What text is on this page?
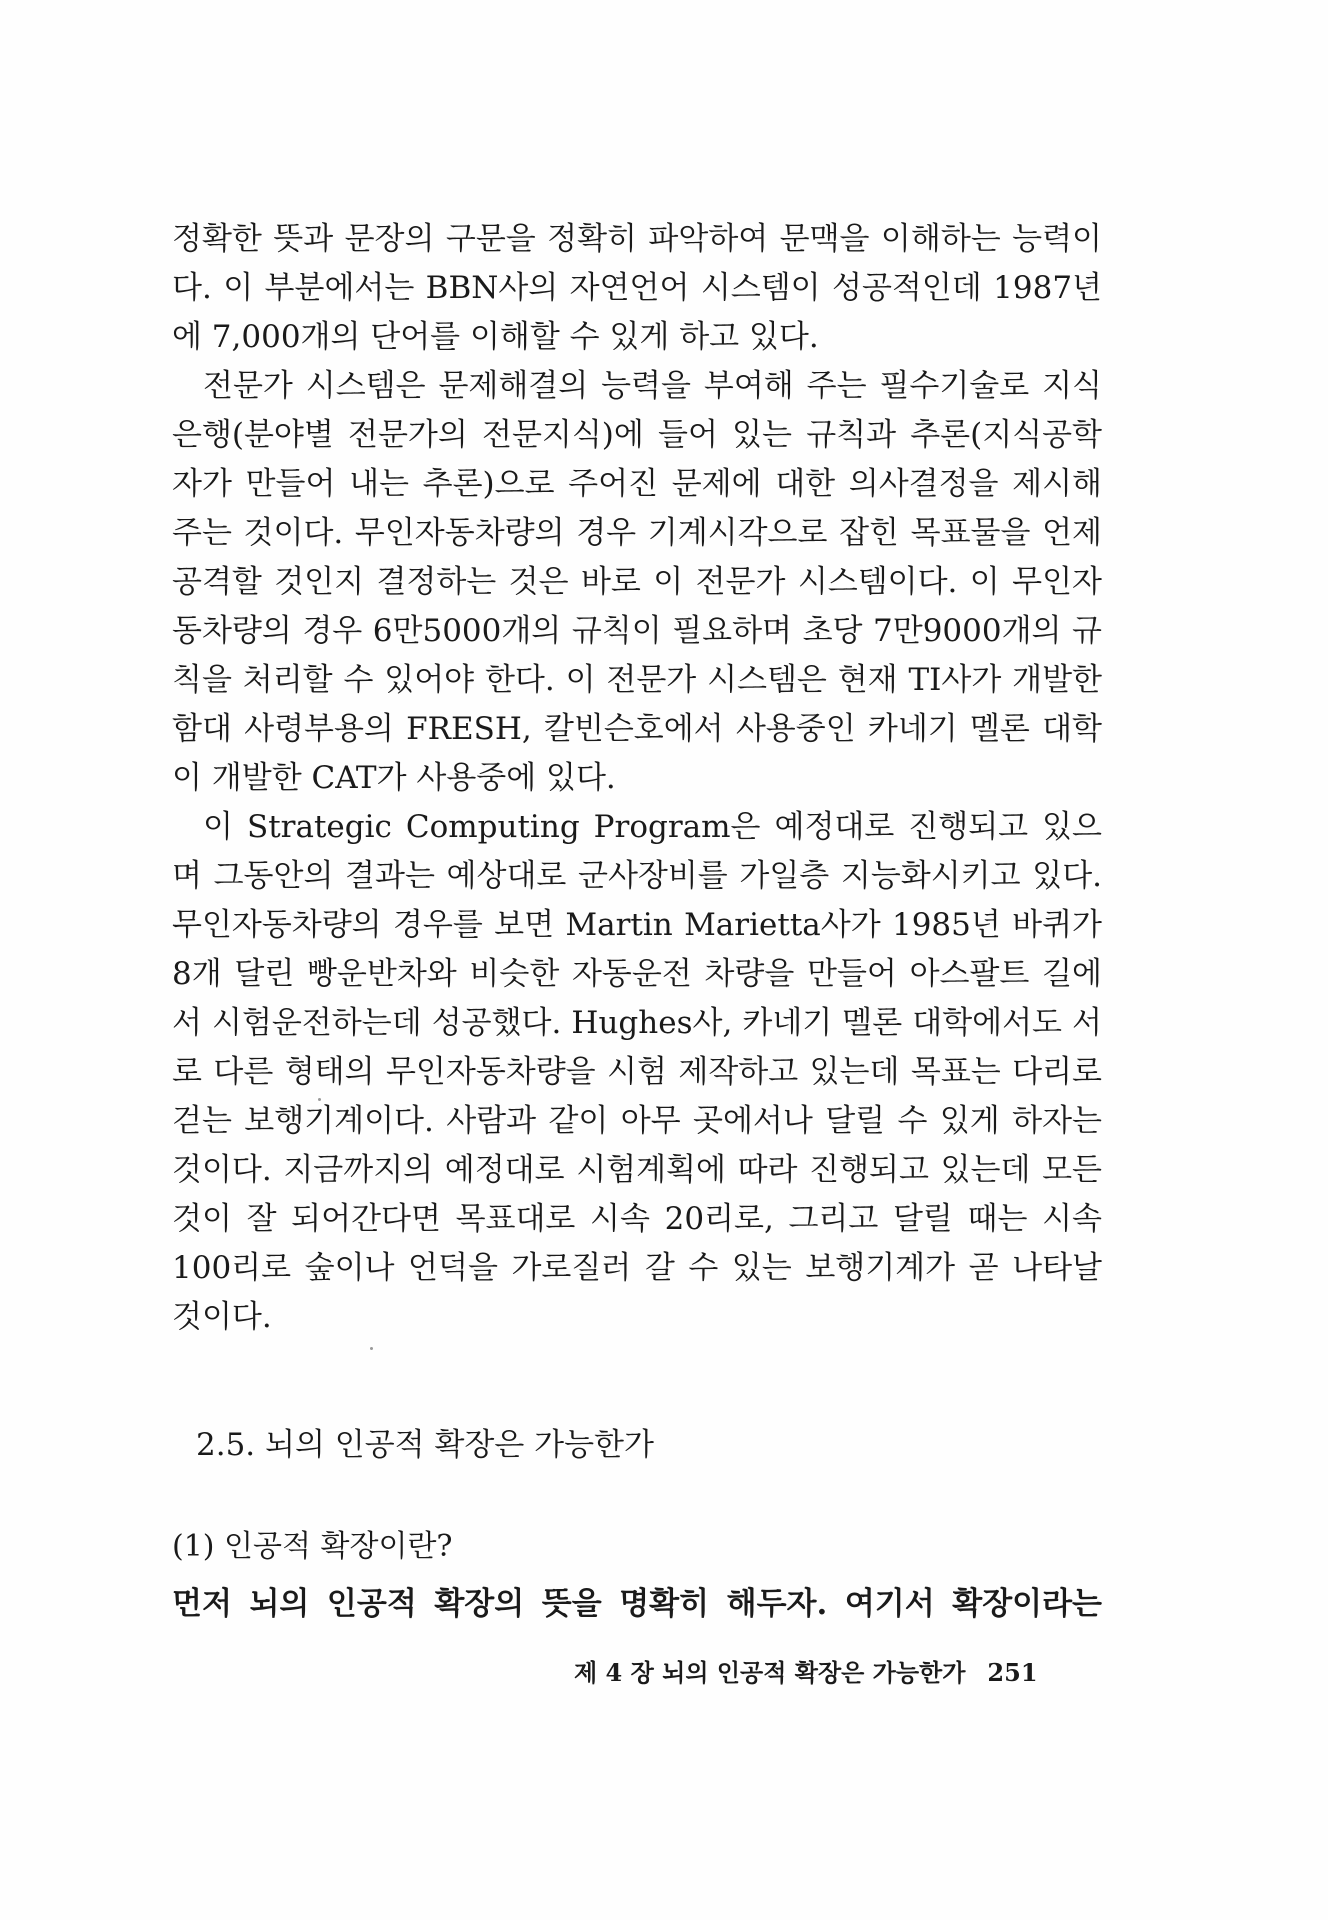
정확한 뜻과 문장의 구문을 정확히 파악하여 문맥을 이해하는 능력이다. 이 부분에서는 BBN사의 자연언어 시스템이 성공적인데 1987년에 7,000개의 단어를 이해할 수 있게 하고 있다.

전문가 시스템은 문제해결의 능력을 부여해 주는 필수기술로 지식은행(분야별 전문가의 전문지식)에 들어 있는 규칙과 추론(지식공학자가 만들어 내는 추론)으로 주어진 문제에 대한 의사결정을 제시해 주는 것이다. 무인자동차량의 경우 기계시각으로 잡힌 목표물을 언제 공격할 것인지 결정하는 것은 바로 이 전문가 시스템이다. 이 무인자동차량의 경우 6만5000개의 규칙이 필요하며 초당 7만9000개의 규칙을 처리할 수 있어야 한다. 이 전문가 시스템은 현재 TI사가 개발한 함대 사령부용의 FRESH, 칼빈슨호에서 사용중인 카네기 멜론 대학이 개발한 CAT가 사용중에 있다.

이 Strategic Computing Program은 예정대로 진행되고 있으며 그동안의 결과는 예상대로 군사장비를 가일층 지능화시키고 있다. 무인자동차량의 경우를 보면 Martin Marietta사가 1985년 바퀴가 8개 달린 빵운반차와 비슷한 자동운전 차량을 만들어 아스팔트 길에서 시험운전하는데 성공했다. Hughes사, 카네기 멜론 대학에서도 서로 다른 형태의 무인자동차량을 시험 제작하고 있는데 목표는 다리로 걷는 보행기계이다. 사람과 같이 아무 곳에서나 달릴 수 있게 하자는 것이다. 지금까지의 예정대로 시험계획에 따라 진행되고 있는데 모든 것이 잘 되어간다면 목표대로 시속 20리로, 그리고 달릴 때는 시속 100리로 숲이나 언덕을 가로질러 갈 수 있는 보행기계가 곧 나타날 것이다.

2.5. 뇌의 인공적 확장은 가능한가
(1) 인공적 확장이란?
먼저 뇌의 인공적 확장의 뜻을 명확히 해두자. 여기서 확장이라는
제 4 장 뇌의 인공적 확장은 가능한가 251
